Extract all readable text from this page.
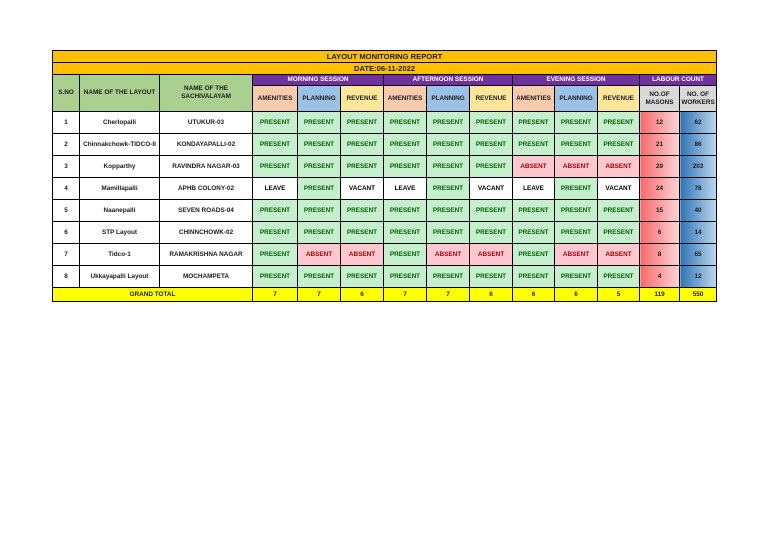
LAYOUT MONITORING REPORT													
DATE:06-11-2022													
S.NO	NAME OF THE LAYOUT	NAME OF THE SACHIVALAYAM	MORNING SESSION			AFTERNOON SESSION			EVENING SESSION			LABOUR COUNT	
			AMENITIES	PLANNING	REVENUE	AMENITIES	PLANNING	REVENUE	AMENITIES	PLANNING	REVENUE	NO.OF MASONS	NO. OF WORKERS
1	Cherlopalli	UTUKUR-03	PRESENT	PRESENT	PRESENT	PRESENT	PRESENT	PRESENT	PRESENT	PRESENT	PRESENT	12	62
2	Chinnakchowk-TIDCO-II	KONDAYAPALLI-02	PRESENT	PRESENT	PRESENT	PRESENT	PRESENT	PRESENT	PRESENT	PRESENT	PRESENT	21	86
3	Kopparthy	RAVINDRA NAGAR-03	PRESENT	PRESENT	PRESENT	PRESENT	PRESENT	PRESENT	ABSENT	ABSENT	ABSENT	29	203
4	Mamillapalli	APHB COLONY-02	LEAVE	PRESENT	VACANT	LEAVE	PRESENT	VACANT	LEAVE	PRESENT	VACANT	24	78
5	Naanepalli	SEVEN ROADS-04	PRESENT	PRESENT	PRESENT	PRESENT	PRESENT	PRESENT	PRESENT	PRESENT	PRESENT	15	40
6	STP Layout	CHINNCHOWK-02	PRESENT	PRESENT	PRESENT	PRESENT	PRESENT	PRESENT	PRESENT	PRESENT	PRESENT	6	14
7	Tidco-1	RAMAKRISHNA NAGAR	PRESENT	ABSENT	ABSENT	PRESENT	ABSENT	ABSENT	PRESENT	ABSENT	ABSENT	8	65
8	Ukkayapalli Layout	MOCHAMPETA	PRESENT	PRESENT	PRESENT	PRESENT	PRESENT	PRESENT	PRESENT	PRESENT	PRESENT	4	12
GRAND TOTAL			7	7	6	7	7	6	6	6	5	119	550
